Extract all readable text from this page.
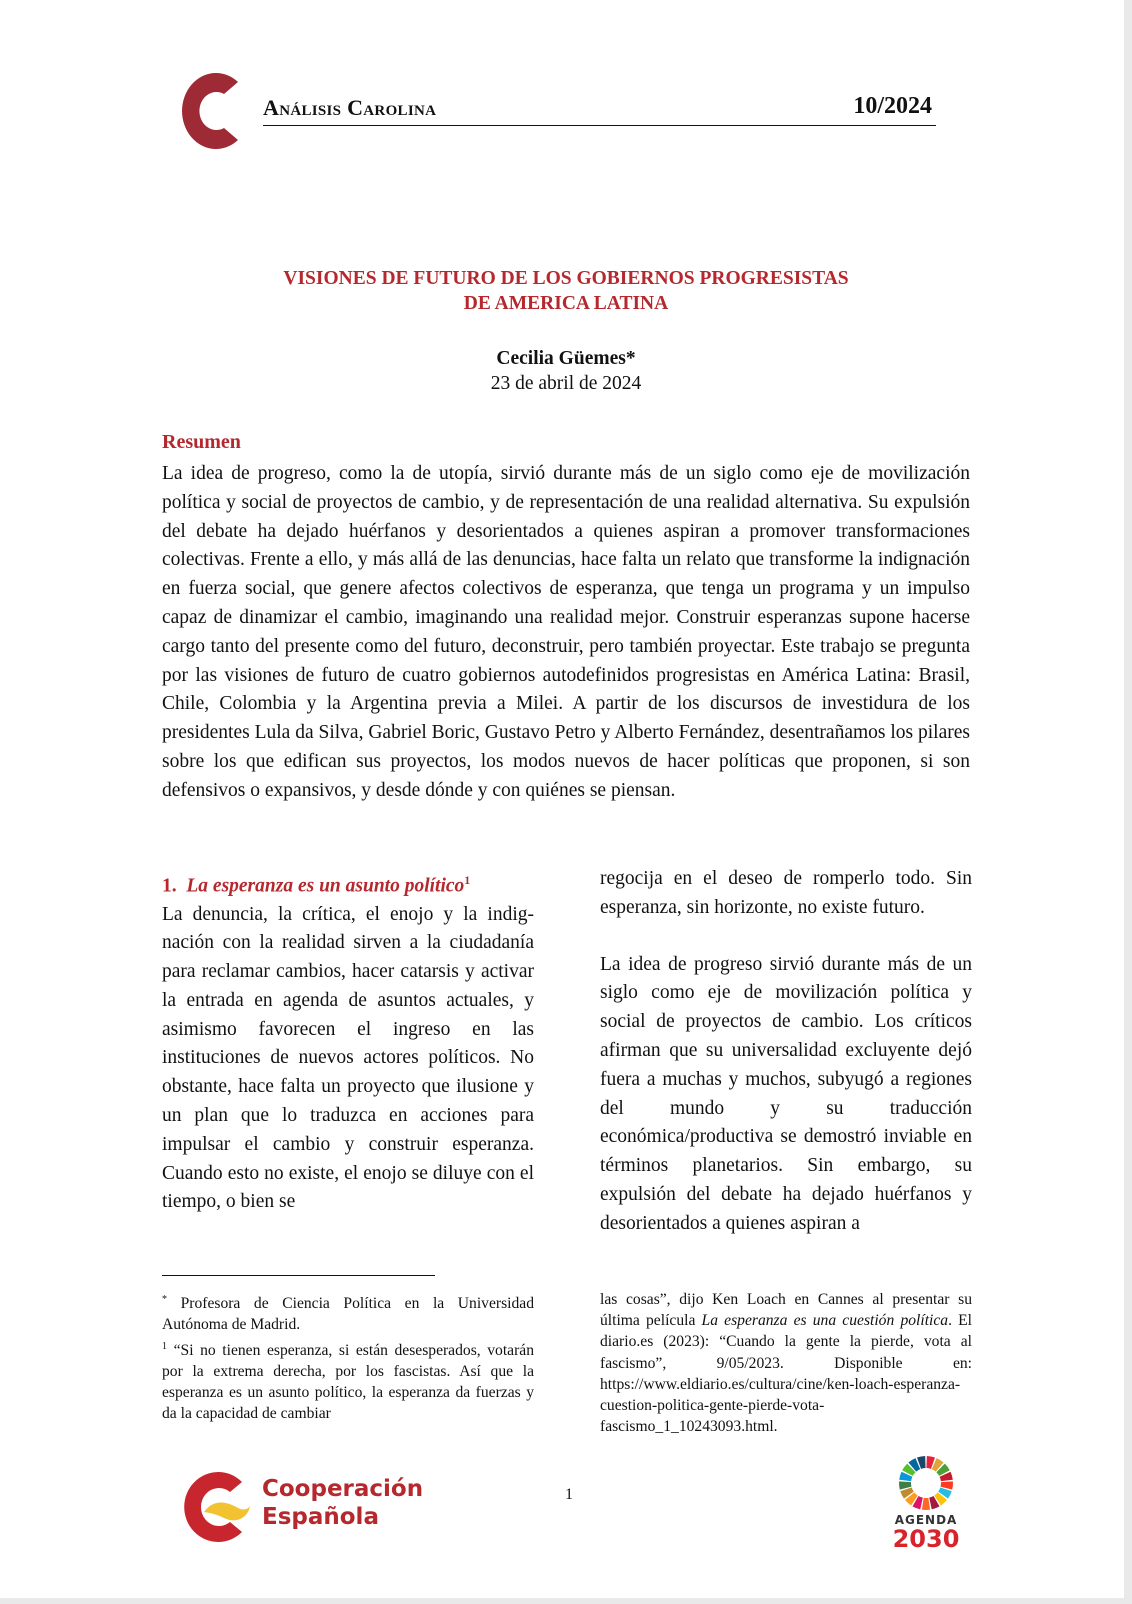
Análisis Carolina	10/2024
VISIONES DE FUTURO DE LOS GOBIERNOS PROGRESISTAS
DE AMERICA LATINA
Cecilia Güemes*
23 de abril de 2024
Resumen
La idea de progreso, como la de utopía, sirvió durante más de un siglo como eje de movilización política y social de proyectos de cambio, y de representación de una realidad alternativa. Su expulsión del debate ha dejado huérfanos y desorientados a quienes aspiran a promover transformaciones colectivas. Frente a ello, y más allá de las denuncias, hace falta un relato que transforme la indignación en fuerza social, que genere afectos colectivos de esperanza, que tenga un programa y un impulso capaz de dinamizar el cambio, imaginando una realidad mejor. Construir esperanzas supone hacerse cargo tanto del presente como del futuro, deconstruir, pero también proyectar. Este trabajo se pregunta por las visiones de futuro de cuatro gobiernos autodefinidos progresistas en América Latina: Brasil, Chile, Colombia y la Argentina previa a Milei. A partir de los discursos de investidura de los presidentes Lula da Silva, Gabriel Boric, Gustavo Petro y Alberto Fernández, desentrañamos los pilares sobre los que edifican sus proyectos, los modos nuevos de hacer políticas que proponen, si son defensivos o expansivos, y desde dónde y con quiénes se piensan.
1. La esperanza es un asunto político$^1$

La denuncia, la crítica, el enojo y la indignación con la realidad sirven a la ciudadanía para reclamar cambios, hacer catarsis y activar la entrada en agenda de asuntos actuales, y asimismo favorecen el ingreso en las instituciones de nuevos actores políticos. No obstante, hace falta un proyecto que ilusione y un plan que lo traduzca en acciones para impulsar el cambio y construir esperanza. Cuando esto no existe, el enojo se diluye con el tiempo, o bien se

regocija en el deseo de romperlo todo. Sin esperanza, sin horizonte, no existe futuro.

La idea de progreso sirvió durante más de un siglo como eje de movilización política y social de proyectos de cambio. Los críticos afirman que su universalidad excluyente dejó fuera a muchas y muchos, subyugó a regiones del mundo y su traducción económica/productiva se demostró inviable en términos planetarios. Sin embargo, su expulsión del debate ha dejado huérfanos y desorientados a quienes aspiran a

* Profesora de Ciencia Política en la Universidad Autónoma de Madrid.

$^1$ “Si no tienen esperanza, si están desesperados, votarán por la extrema derecha, por los fascistas. Así que la esperanza es un asunto político, la esperanza da fuerzas y da la capacidad de cambiar

las cosas”, dijo Ken Loach en Cannes al presentar su última película La esperanza es una cuestión política. El diario.es (2023): “Cuando la gente la pierde, vota al fascismo”, 9/05/2023. Disponible en: https://www.eldiario.es/cultura/cine/ken-loach-esperanza-cuestion-politica-gente-pierde-vota-fascismo_1_10243093.html.

Cooperación
Española
1
AGENDA
2030
